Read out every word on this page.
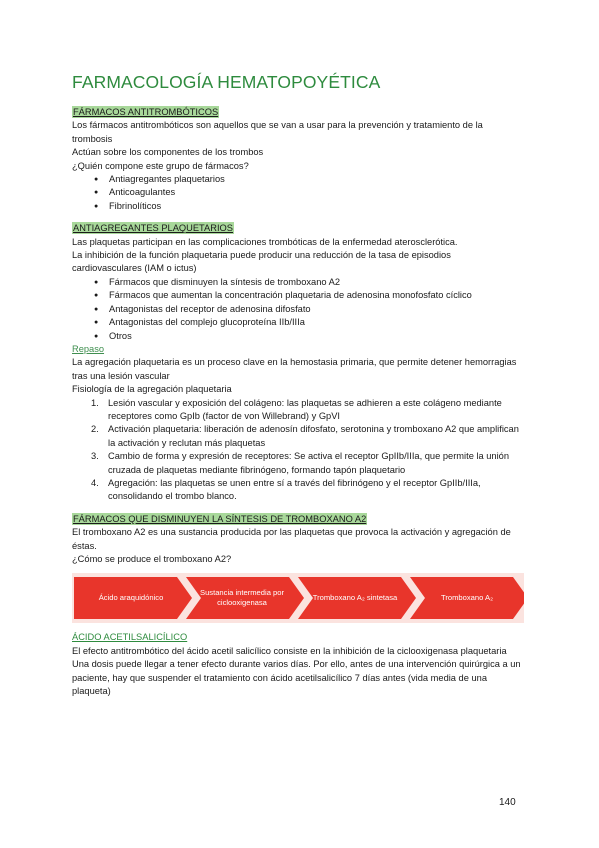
FARMACOLOGÍA HEMATOPOYÉTICA
FÁRMACOS ANTITROMBÓTICOS

Los fármacos antitrombóticos son aquellos que se van a usar para la prevención y tratamiento de la trombosis

Actúan sobre los componentes de los trombos

¿Quién compone este grupo de fármacos?

● Antiagregantes plaquetarios
● Anticoagulantes
● Fibrinolíticos
ANTIAGREGANTES PLAQUETARIOS

Las plaquetas participan en las complicaciones trombóticas de la enfermedad aterosclerótica.

La inhibición de la función plaquetaria puede producir una reducción de la tasa de episodios cardiovasculares (IAM o ictus)

● Fármacos que disminuyen la síntesis de tromboxano A2
● Fármacos que aumentan la concentración plaquetaria de adenosina monofosfato cíclico
● Antagonistas del receptor de adenosina difosfato
● Antagonistas del complejo glucoproteína IIb/IIIa
● Otros
Repaso

La agregación plaquetaria es un proceso clave en la hemostasia primaria, que permite detener hemorragias tras una lesión vascular

Fisiología de la agregación plaquetaria

1. Lesión vascular y exposición del colágeno: las plaquetas se adhieren a este colágeno mediante receptores como GpIb (factor de von Willebrand) y GpVI
2. Activación plaquetaria: liberación de adenosín difosfato, serotonina y tromboxano A2 que amplifican la activación y reclutan más plaquetas
3. Cambio de forma y expresión de receptores: Se activa el receptor GpIIb/IIIa, que permite la unión cruzada de plaquetas mediante fibrinógeno, formando tapón plaquetario
4. Agregación: las plaquetas se unen entre sí a través del fibrinógeno y el receptor GpIIb/IIIa, consolidando el trombo blanco.
FÁRMACOS QUE DISMINUYEN LA SÍNTESIS DE TROMBOXANO A2

El tromboxano A2 es una sustancia producida por las plaquetas que provoca la activación y agregación de éstas.

¿Cómo se produce el tromboxano A2?

Ácido araquidónico
Sustancia intermedia por ciclooxigenasa
Tromboxano A₂ sintetasa	Tromboxano A₂
ÁCIDO ACETILSALICÍLICO

El efecto antitrombótico del ácido acetil salicílico consiste en la inhibición de la ciclooxigenasa plaquetaria

Una dosis puede llegar a tener efecto durante varios días. Por ello, antes de una intervención quirúrgica a un paciente, hay que suspender el tratamiento con ácido acetilsalicílico 7 días antes (vida media de una plaqueta)

140
